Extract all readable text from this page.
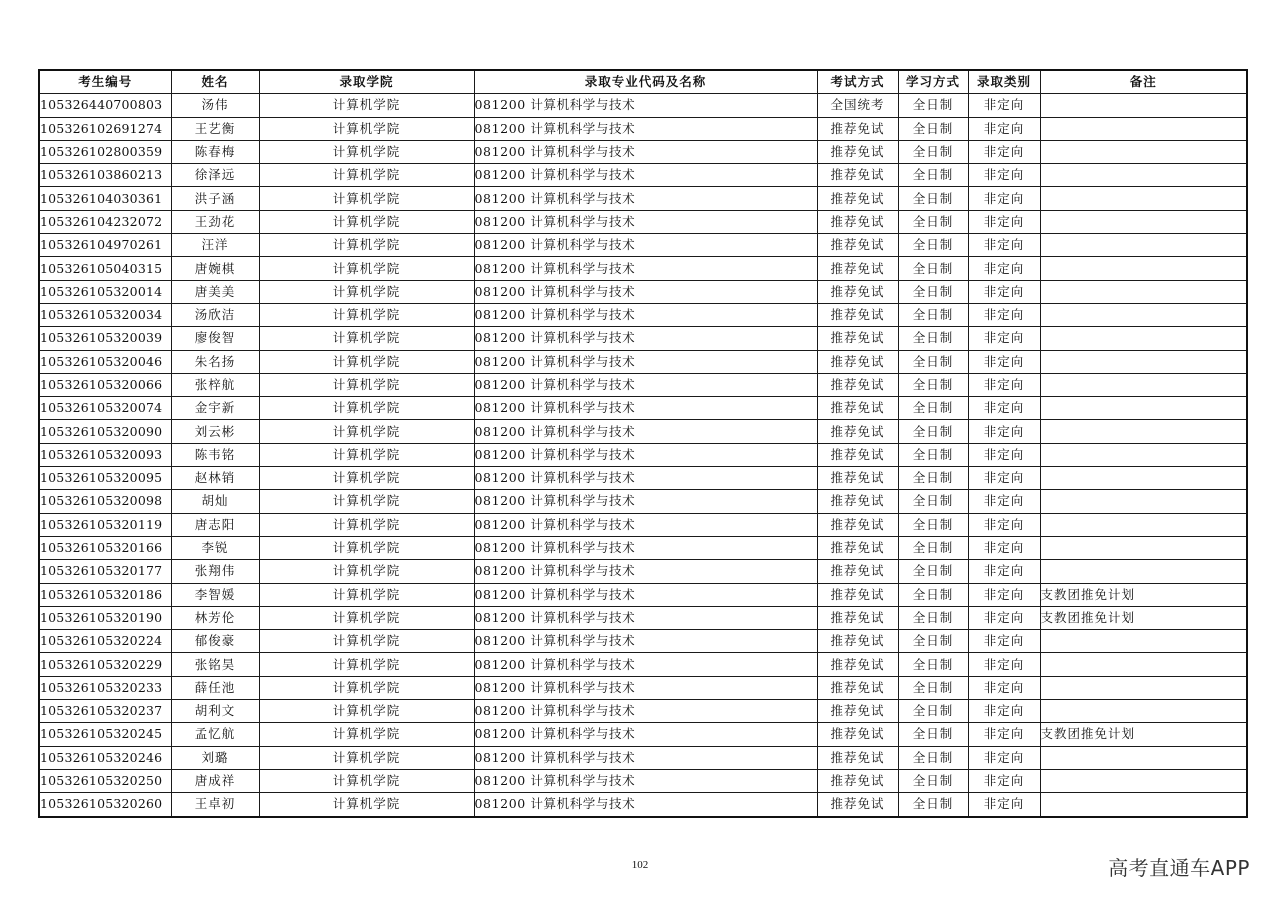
考生编号	姓名	录取学院	录取专业代码及名称	考试方式	学习方式	录取类别	备注
105326440700803	汤伟	计算机学院	081200 计算机科学与技术	全国统考	全日制	非定向	
105326102691274	王艺衡	计算机学院	081200 计算机科学与技术	推荐免试	全日制	非定向	
105326102800359	陈春梅	计算机学院	081200 计算机科学与技术	推荐免试	全日制	非定向	
105326103860213	徐泽远	计算机学院	081200 计算机科学与技术	推荐免试	全日制	非定向	
105326104030361	洪子涵	计算机学院	081200 计算机科学与技术	推荐免试	全日制	非定向	
105326104232072	王劲花	计算机学院	081200 计算机科学与技术	推荐免试	全日制	非定向	
105326104970261	汪洋	计算机学院	081200 计算机科学与技术	推荐免试	全日制	非定向	
105326105040315	唐婉棋	计算机学院	081200 计算机科学与技术	推荐免试	全日制	非定向	
105326105320014	唐美美	计算机学院	081200 计算机科学与技术	推荐免试	全日制	非定向	
105326105320034	汤欣洁	计算机学院	081200 计算机科学与技术	推荐免试	全日制	非定向	
105326105320039	廖俊智	计算机学院	081200 计算机科学与技术	推荐免试	全日制	非定向	
105326105320046	朱名扬	计算机学院	081200 计算机科学与技术	推荐免试	全日制	非定向	
105326105320066	张梓航	计算机学院	081200 计算机科学与技术	推荐免试	全日制	非定向	
105326105320074	金宇新	计算机学院	081200 计算机科学与技术	推荐免试	全日制	非定向	
105326105320090	刘云彬	计算机学院	081200 计算机科学与技术	推荐免试	全日制	非定向	
105326105320093	陈韦铭	计算机学院	081200 计算机科学与技术	推荐免试	全日制	非定向	
105326105320095	赵林销	计算机学院	081200 计算机科学与技术	推荐免试	全日制	非定向	
105326105320098	胡灿	计算机学院	081200 计算机科学与技术	推荐免试	全日制	非定向	
105326105320119	唐志阳	计算机学院	081200 计算机科学与技术	推荐免试	全日制	非定向	
105326105320166	李锐	计算机学院	081200 计算机科学与技术	推荐免试	全日制	非定向	
105326105320177	张翔伟	计算机学院	081200 计算机科学与技术	推荐免试	全日制	非定向	
105326105320186	李智媛	计算机学院	081200 计算机科学与技术	推荐免试	全日制	非定向	支教团推免计划
105326105320190	林芳伦	计算机学院	081200 计算机科学与技术	推荐免试	全日制	非定向	支教团推免计划
105326105320224	郁俊豪	计算机学院	081200 计算机科学与技术	推荐免试	全日制	非定向	
105326105320229	张铭昊	计算机学院	081200 计算机科学与技术	推荐免试	全日制	非定向	
105326105320233	薛任池	计算机学院	081200 计算机科学与技术	推荐免试	全日制	非定向	
105326105320237	胡利文	计算机学院	081200 计算机科学与技术	推荐免试	全日制	非定向	
105326105320245	孟忆航	计算机学院	081200 计算机科学与技术	推荐免试	全日制	非定向	支教团推免计划
105326105320246	刘璐	计算机学院	081200 计算机科学与技术	推荐免试	全日制	非定向	
105326105320250	唐成祥	计算机学院	081200 计算机科学与技术	推荐免试	全日制	非定向	
105326105320260	王卓初	计算机学院	081200 计算机科学与技术	推荐免试	全日制	非定向	
102	高考直通车APP
